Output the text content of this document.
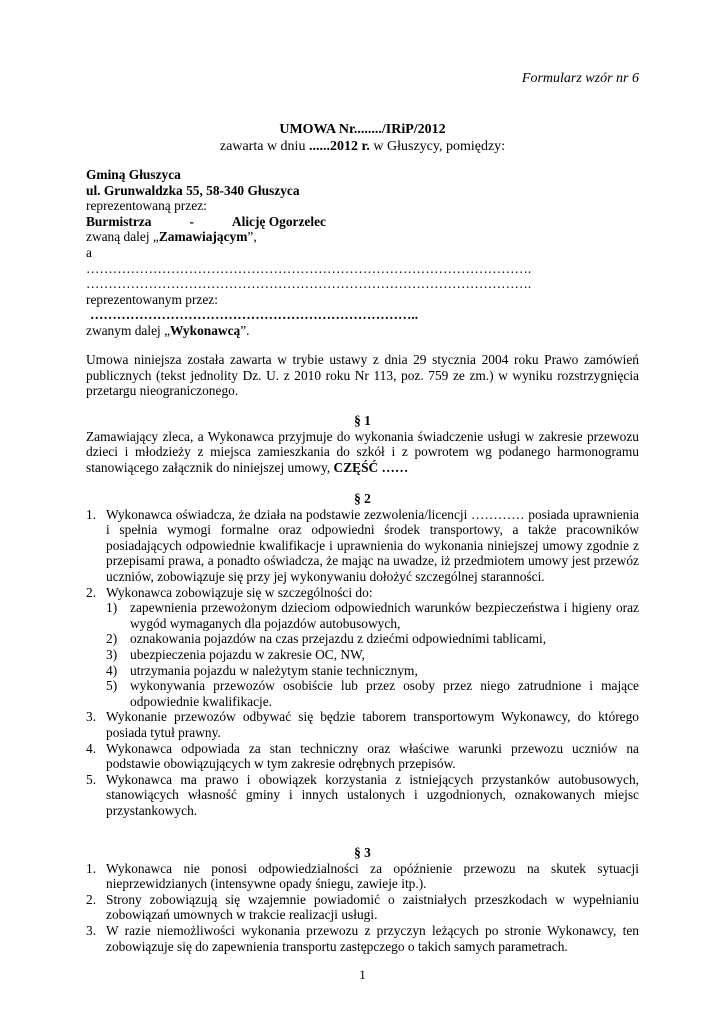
Formularz wzór nr 6
UMOWA Nr......../IRiP/2012
zawarta w dniu ......2012 r. w Głuszycy, pomiędzy:
Gminą Głuszyca
ul. Grunwaldzka 55, 58-340 Głuszyca
reprezentowaną przez:
Burmistrza	-	Alicję Ogorzelec
zwaną dalej „Zamawiającym”,
a
……………………………………………………………………………………….
……………………………………………………………………………………….
reprezentowanym przez:
………………………………………………………………..
zwanym dalej „Wykonawcą”.
Umowa niniejsza została zawarta w trybie ustawy z dnia 29 stycznia 2004 roku Prawo zamówień publicznych (tekst jednolity Dz. U. z 2010 roku Nr 113, poz. 759 ze zm.) w wyniku rozstrzygnięcia przetargu nieograniczonego.
§ 1
Zamawiający zleca, a Wykonawca przyjmuje do wykonania świadczenie usługi w zakresie przewozu dzieci i młodzieży z miejsca zamieszkania do szkół i z powrotem wg podanego harmonogramu stanowiącego załącznik do niniejszej umowy, CZĘŚĆ ……
§ 2
1. Wykonawca oświadcza, że działa na podstawie zezwolenia/licencji ………… posiada uprawnienia i spełnia wymogi formalne oraz odpowiedni środek transportowy, a także pracowników posiadających odpowiednie kwalifikacje i uprawnienia do wykonania niniejszej umowy zgodnie z przepisami prawa, a ponadto oświadcza, że mając na uwadze, iż przedmiotem umowy jest przewóz uczniów, zobowiązuje się przy jej wykonywaniu dołożyć szczególnej staranności.
2. Wykonawca zobowiązuje się w szczególności do:
1) zapewnienia przewożonym dzieciom odpowiednich warunków bezpieczeństwa i higieny oraz wygód wymaganych dla pojazdów autobusowych,
2) oznakowania pojazdów na czas przejazdu z dziećmi odpowiednimi tablicami,
3) ubezpieczenia pojazdu w zakresie OC, NW,
4) utrzymania pojazdu w należytym stanie technicznym,
5) wykonywania przewozów osobiście lub przez osoby przez niego zatrudnione i mające odpowiednie kwalifikacje.
3. Wykonanie przewozów odbywać się będzie taborem transportowym Wykonawcy, do którego posiada tytuł prawny.
4. Wykonawca odpowiada za stan techniczny oraz właściwe warunki przewozu uczniów na podstawie obowiązujących w tym zakresie odrębnych przepisów.
5. Wykonawca ma prawo i obowiązek korzystania z istniejących przystanków autobusowych, stanowiących własność gminy i innych ustalonych i uzgodnionych, oznakowanych miejsc przystankowych.
§ 3
1. Wykonawca nie ponosi odpowiedzialności za opóźnienie przewozu na skutek sytuacji nieprzewidzianych (intensywne opady śniegu, zawieje itp.).
2. Strony zobowiązują się wzajemnie powiadomić o zaistniałych przeszkodach w wypełnianiu zobowiązań umownych w trakcie realizacji usługi.
3. W razie niemożliwości wykonania przewozu z przyczyn leżących po stronie Wykonawcy, ten zobowiązuje się do zapewnienia transportu zastępczego o takich samych parametrach.
1
